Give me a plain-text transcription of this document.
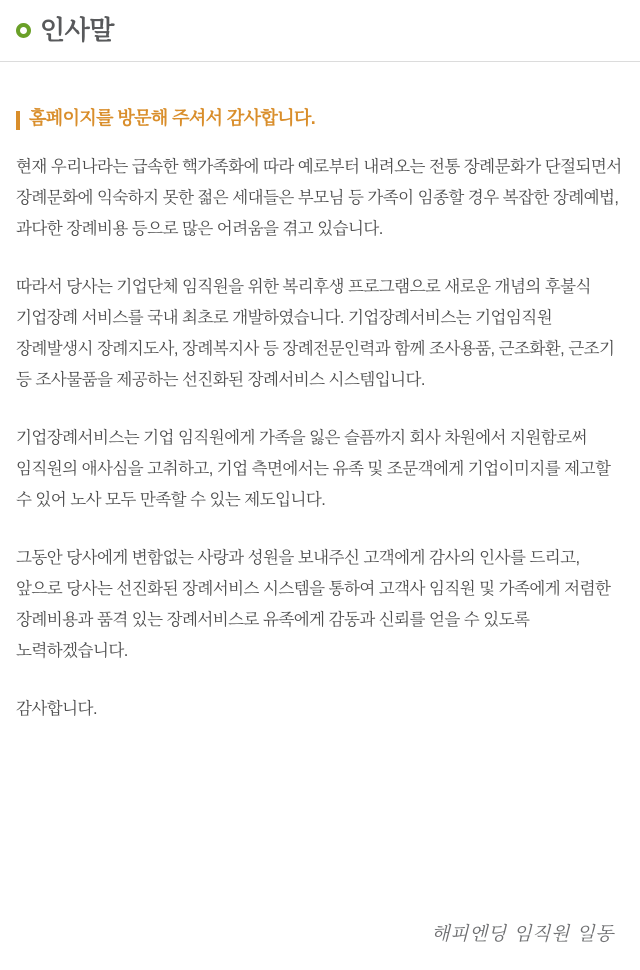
인사말
홈페이지를 방문해 주셔서 감사합니다.

현재 우리나라는 급속한 핵가족화에 따라 예로부터 내려오는 전통 장례문화가 단절되면서 장례문화에 익숙하지 못한 젊은 세대들은 부모님 등 가족이 임종할 경우 복잡한 장례예법, 과다한 장례비용 등으로 많은 어려움을 겪고 있습니다.

따라서 당사는 기업단체 임직원을 위한 복리후생 프로그램으로 새로운 개념의 후불식 기업장례 서비스를 국내 최초로 개발하였습니다. 기업장례서비스는 기업임직원 장례발생시 장례지도사, 장례복지사 등 장례전문인력과 함께 조사용품, 근조화환, 근조기 등 조사물품을 제공하는 선진화된 장례서비스 시스템입니다.

기업장례서비스는 기업 임직원에게 가족을 잃은 슬픔까지 회사 차원에서 지원함로써 임직원의 애사심을 고취하고, 기업 측면에서는 유족 및 조문객에게 기업이미지를 제고할 수 있어 노사 모두 만족할 수 있는 제도입니다.

그동안 당사에게 변함없는 사랑과 성원을 보내주신 고객에게 감사의 인사를 드리고, 앞으로 당사는 선진화된 장례서비스 시스템을 통하여 고객사 임직원 및 가족에게 저렴한 장례비용과 품격 있는 장례서비스로 유족에게 감동과 신뢰를 얻을 수 있도록 노력하겠습니다.

감사합니다.

해피엔딩 임직원 일동
